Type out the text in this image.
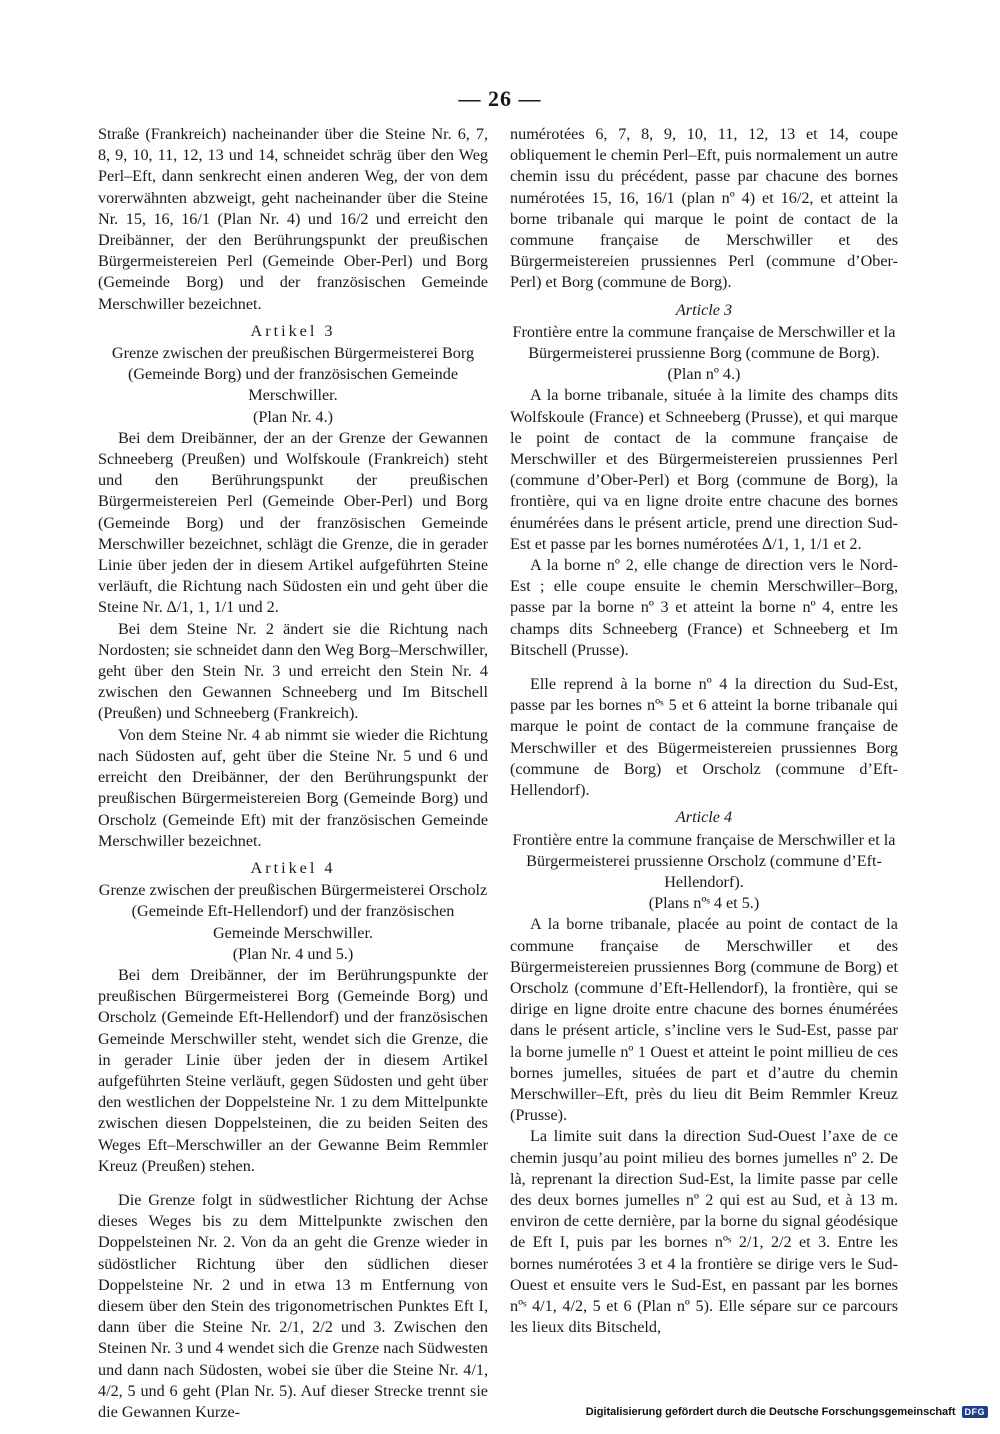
— 26 —

Straße (Frankreich) nacheinander über die Steine Nr. 6, 7, 8, 9, 10, 11, 12, 13 und 14, schneidet schräg über den Weg Perl–Eft, dann senkrecht einen anderen Weg, der von dem vorerwähnten abzweigt, geht nacheinander über die Steine Nr. 15, 16, 16/1 (Plan Nr. 4) und 16/2 und erreicht den Dreibänner, der den Berührungspunkt der preußischen Bürgermeistereien Perl (Gemeinde Ober-Perl) und Borg (Gemeinde Borg) und der französischen Gemeinde Merschwiller bezeichnet.

Artikel 3

Grenze zwischen der preußischen Bürgermeisterei Borg (Gemeinde Borg) und der französischen Gemeinde Merschwiller.

(Plan Nr. 4.)

Bei dem Dreibänner, der an der Grenze der Gewannen Schneeberg (Preußen) und Wolfskoule (Frankreich) steht und den Berührungspunkt der preußischen Bürgermeistereien Perl (Gemeinde Ober-Perl) und Borg (Gemeinde Borg) und der französischen Gemeinde Merschwiller bezeichnet, schlägt die Grenze, die in gerader Linie über jeden der in diesem Artikel aufgeführten Steine verläuft, die Richtung nach Südosten ein und geht über die Steine Nr. ∆/1, 1, 1/1 und 2.

Bei dem Steine Nr. 2 ändert sie die Richtung nach Nordosten; sie schneidet dann den Weg Borg–Merschwiller, geht über den Stein Nr. 3 und erreicht den Stein Nr. 4 zwischen den Gewannen Schneeberg und Im Bitschell (Preußen) und Schneeberg (Frankreich).

Von dem Steine Nr. 4 ab nimmt sie wieder die Richtung nach Südosten auf, geht über die Steine Nr. 5 und 6 und erreicht den Dreibänner, der den Berührungspunkt der preußischen Bürgermeistereien Borg (Gemeinde Borg) und Orscholz (Gemeinde Eft) mit der französischen Gemeinde Merschwiller bezeichnet.

Artikel 4

Grenze zwischen der preußischen Bürgermeisterei Orscholz (Gemeinde Eft-Hellendorf) und der französischen Gemeinde Merschwiller.

(Plan Nr. 4 und 5.)

Bei dem Dreibänner, der im Berührungspunkte der preußischen Bürgermeisterei Borg (Gemeinde Borg) und Orscholz (Gemeinde Eft-Hellendorf) und der französischen Gemeinde Merschwiller steht, wendet sich die Grenze, die in gerader Linie über jeden der in diesem Artikel aufgeführten Steine verläuft, gegen Südosten und geht über den westlichen der Doppelsteine Nr. 1 zu dem Mittelpunkte zwischen diesen Doppelsteinen, die zu beiden Seiten des Weges Eft–Merschwiller an der Gewanne Beim Remmler Kreuz (Preußen) stehen.

Die Grenze folgt in südwestlicher Richtung der Achse dieses Weges bis zu dem Mittelpunkte zwischen den Doppelsteinen Nr. 2. Von da an geht die Grenze wieder in südöstlicher Richtung über den südlichen dieser Doppelsteine Nr. 2 und in etwa 13 m Entfernung von diesem über den Stein des trigonometrischen Punktes Eft I, dann über die Steine Nr. 2/1, 2/2 und 3. Zwischen den Steinen Nr. 3 und 4 wendet sich die Grenze nach Südwesten und dann nach Südosten, wobei sie über die Steine Nr. 4/1, 4/2, 5 und 6 geht (Plan Nr. 5). Auf dieser Strecke trennt sie die Gewannen Kurze-

numérotées 6, 7, 8, 9, 10, 11, 12, 13 et 14, coupe obliquement le chemin Perl–Eft, puis normalement un autre chemin issu du précédent, passe par chacune des bornes numérotées 15, 16, 16/1 (plan nº 4) et 16/2, et atteint la borne tribanale qui marque le point de contact de la commune française de Merschwiller et des Bürgermeistereien prussiennes Perl (commune d’Ober-Perl) et Borg (commune de Borg).

Article 3

Frontière entre la commune française de Merschwiller et la Bürgermeisterei prussienne Borg (commune de Borg).

(Plan nº 4.)

A la borne tribanale, située à la limite des champs dits Wolfskoule (France) et Schneeberg (Prusse), et qui marque le point de contact de la commune française de Merschwiller et des Bürgermeistereien prussiennes Perl (commune d’Ober-Perl) et Borg (commune de Borg), la frontière, qui va en ligne droite entre chacune des bornes énumérées dans le présent article, prend une direction Sud-Est et passe par les bornes numérotées ∆/1, 1, 1/1 et 2.

A la borne nº 2, elle change de direction vers le Nord-Est ; elle coupe ensuite le chemin Merschwiller–Borg, passe par la borne nº 3 et atteint la borne nº 4, entre les champs dits Schneeberg (France) et Schneeberg et Im Bitschell (Prusse).

Elle reprend à la borne nº 4 la direction du Sud-Est, passe par les bornes nºˢ 5 et 6 atteint la borne tribanale qui marque le point de contact de la commune française de Merschwiller et des Bügermeistereien prussiennes Borg (commune de Borg) et Orscholz (commune d’Eft-Hellendorf).

Article 4

Frontière entre la commune française de Merschwiller et la Bürgermeisterei prussienne Orscholz (commune d’Eft-Hellendorf).

(Plans nºˢ 4 et 5.)

A la borne tribanale, placée au point de contact de la commune française de Merschwiller et des Bürgermeistereien prussiennes Borg (commune de Borg) et Orscholz (commune d’Eft-Hellendorf), la frontière, qui se dirige en ligne droite entre chacune des bornes énumérées dans le présent article, s’incline vers le Sud-Est, passe par la borne jumelle nº 1 Ouest et atteint le point millieu de ces bornes jumelles, situées de part et d’autre du chemin Merschwiller–Eft, près du lieu dit Beim Remmler Kreuz (Prusse).

La limite suit dans la direction Sud-Ouest l’axe de ce chemin jusqu’au point milieu des bornes jumelles nº 2. De là, reprenant la direction Sud-Est, la limite passe par celle des deux bornes jumelles nº 2 qui est au Sud, et à 13 m. environ de cette dernière, par la borne du signal géodésique de Eft I, puis par les bornes nºˢ 2/1, 2/2 et 3. Entre les bornes numérotées 3 et 4 la frontière se dirige vers le Sud-Ouest et ensuite vers le Sud-Est, en passant par les bornes nºˢ 4/1, 4/2, 5 et 6 (Plan nº 5). Elle sépare sur ce parcours les lieux dits Bitscheld,

Digitalisierung gefördert durch die Deutsche Forschungsgemeinschaft	DFG
